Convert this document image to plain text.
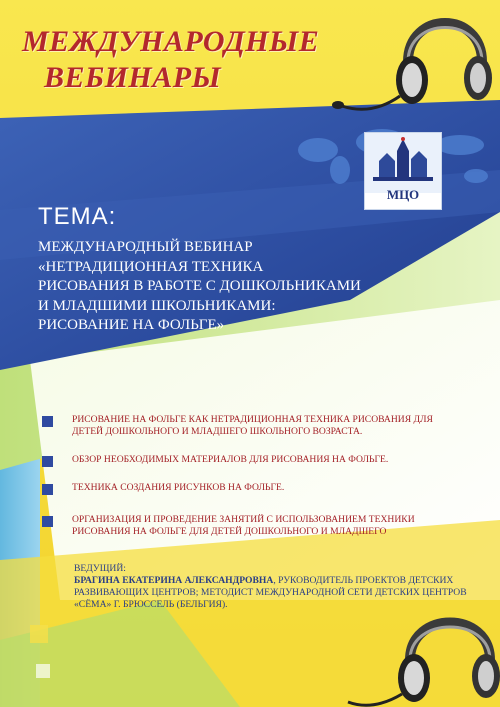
МЕЖДУНАРОДНЫЕ
ВЕБИНАРЫ
МЦО
ТЕМА:
МЕЖДУНАРОДНЫЙ ВЕБИНАР
«НЕТРАДИЦИОННАЯ ТЕХНИКА
РИСОВАНИЯ В РАБОТЕ С ДОШКОЛЬНИКАМИ
И МЛАДШИМИ ШКОЛЬНИКАМИ:
РИСОВАНИЕ НА ФОЛЬГЕ»
РИСОВАНИЕ НА ФОЛЬГЕ КАК НЕТРАДИЦИОННАЯ ТЕХНИКА РИСОВАНИЯ ДЛЯ ДЕТЕЙ ДОШКОЛЬНОГО И МЛАДШЕГО ШКОЛЬНОГО ВОЗРАСТА.
ОБЗОР НЕОБХОДИМЫХ МАТЕРИАЛОВ ДЛЯ РИСОВАНИЯ НА ФОЛЬГЕ.
ТЕХНИКА СОЗДАНИЯ РИСУНКОВ НА ФОЛЬГЕ.
ОРГАНИЗАЦИЯ И ПРОВЕДЕНИЕ ЗАНЯТИЙ С ИСПОЛЬЗОВАНИЕМ ТЕХНИКИ РИСОВАНИЯ НА ФОЛЬГЕ ДЛЯ ДЕТЕЙ ДОШКОЛЬНОГО И МЛАДШЕГО
ВЕДУЩИЙ:
БРАГИНА ЕКАТЕРИНА АЛЕКСАНДРОВНА, РУКОВОДИТЕЛЬ ПРОЕКТОВ ДЕТСКИХ РАЗВИВАЮЩИХ ЦЕНТРОВ; МЕТОДИСТ МЕЖДУНАРОДНОЙ СЕТИ ДЕТСКИХ ЦЕНТРОВ «СЁМА» Г. БРЮССЕЛЬ (БЕЛЬГИЯ).
